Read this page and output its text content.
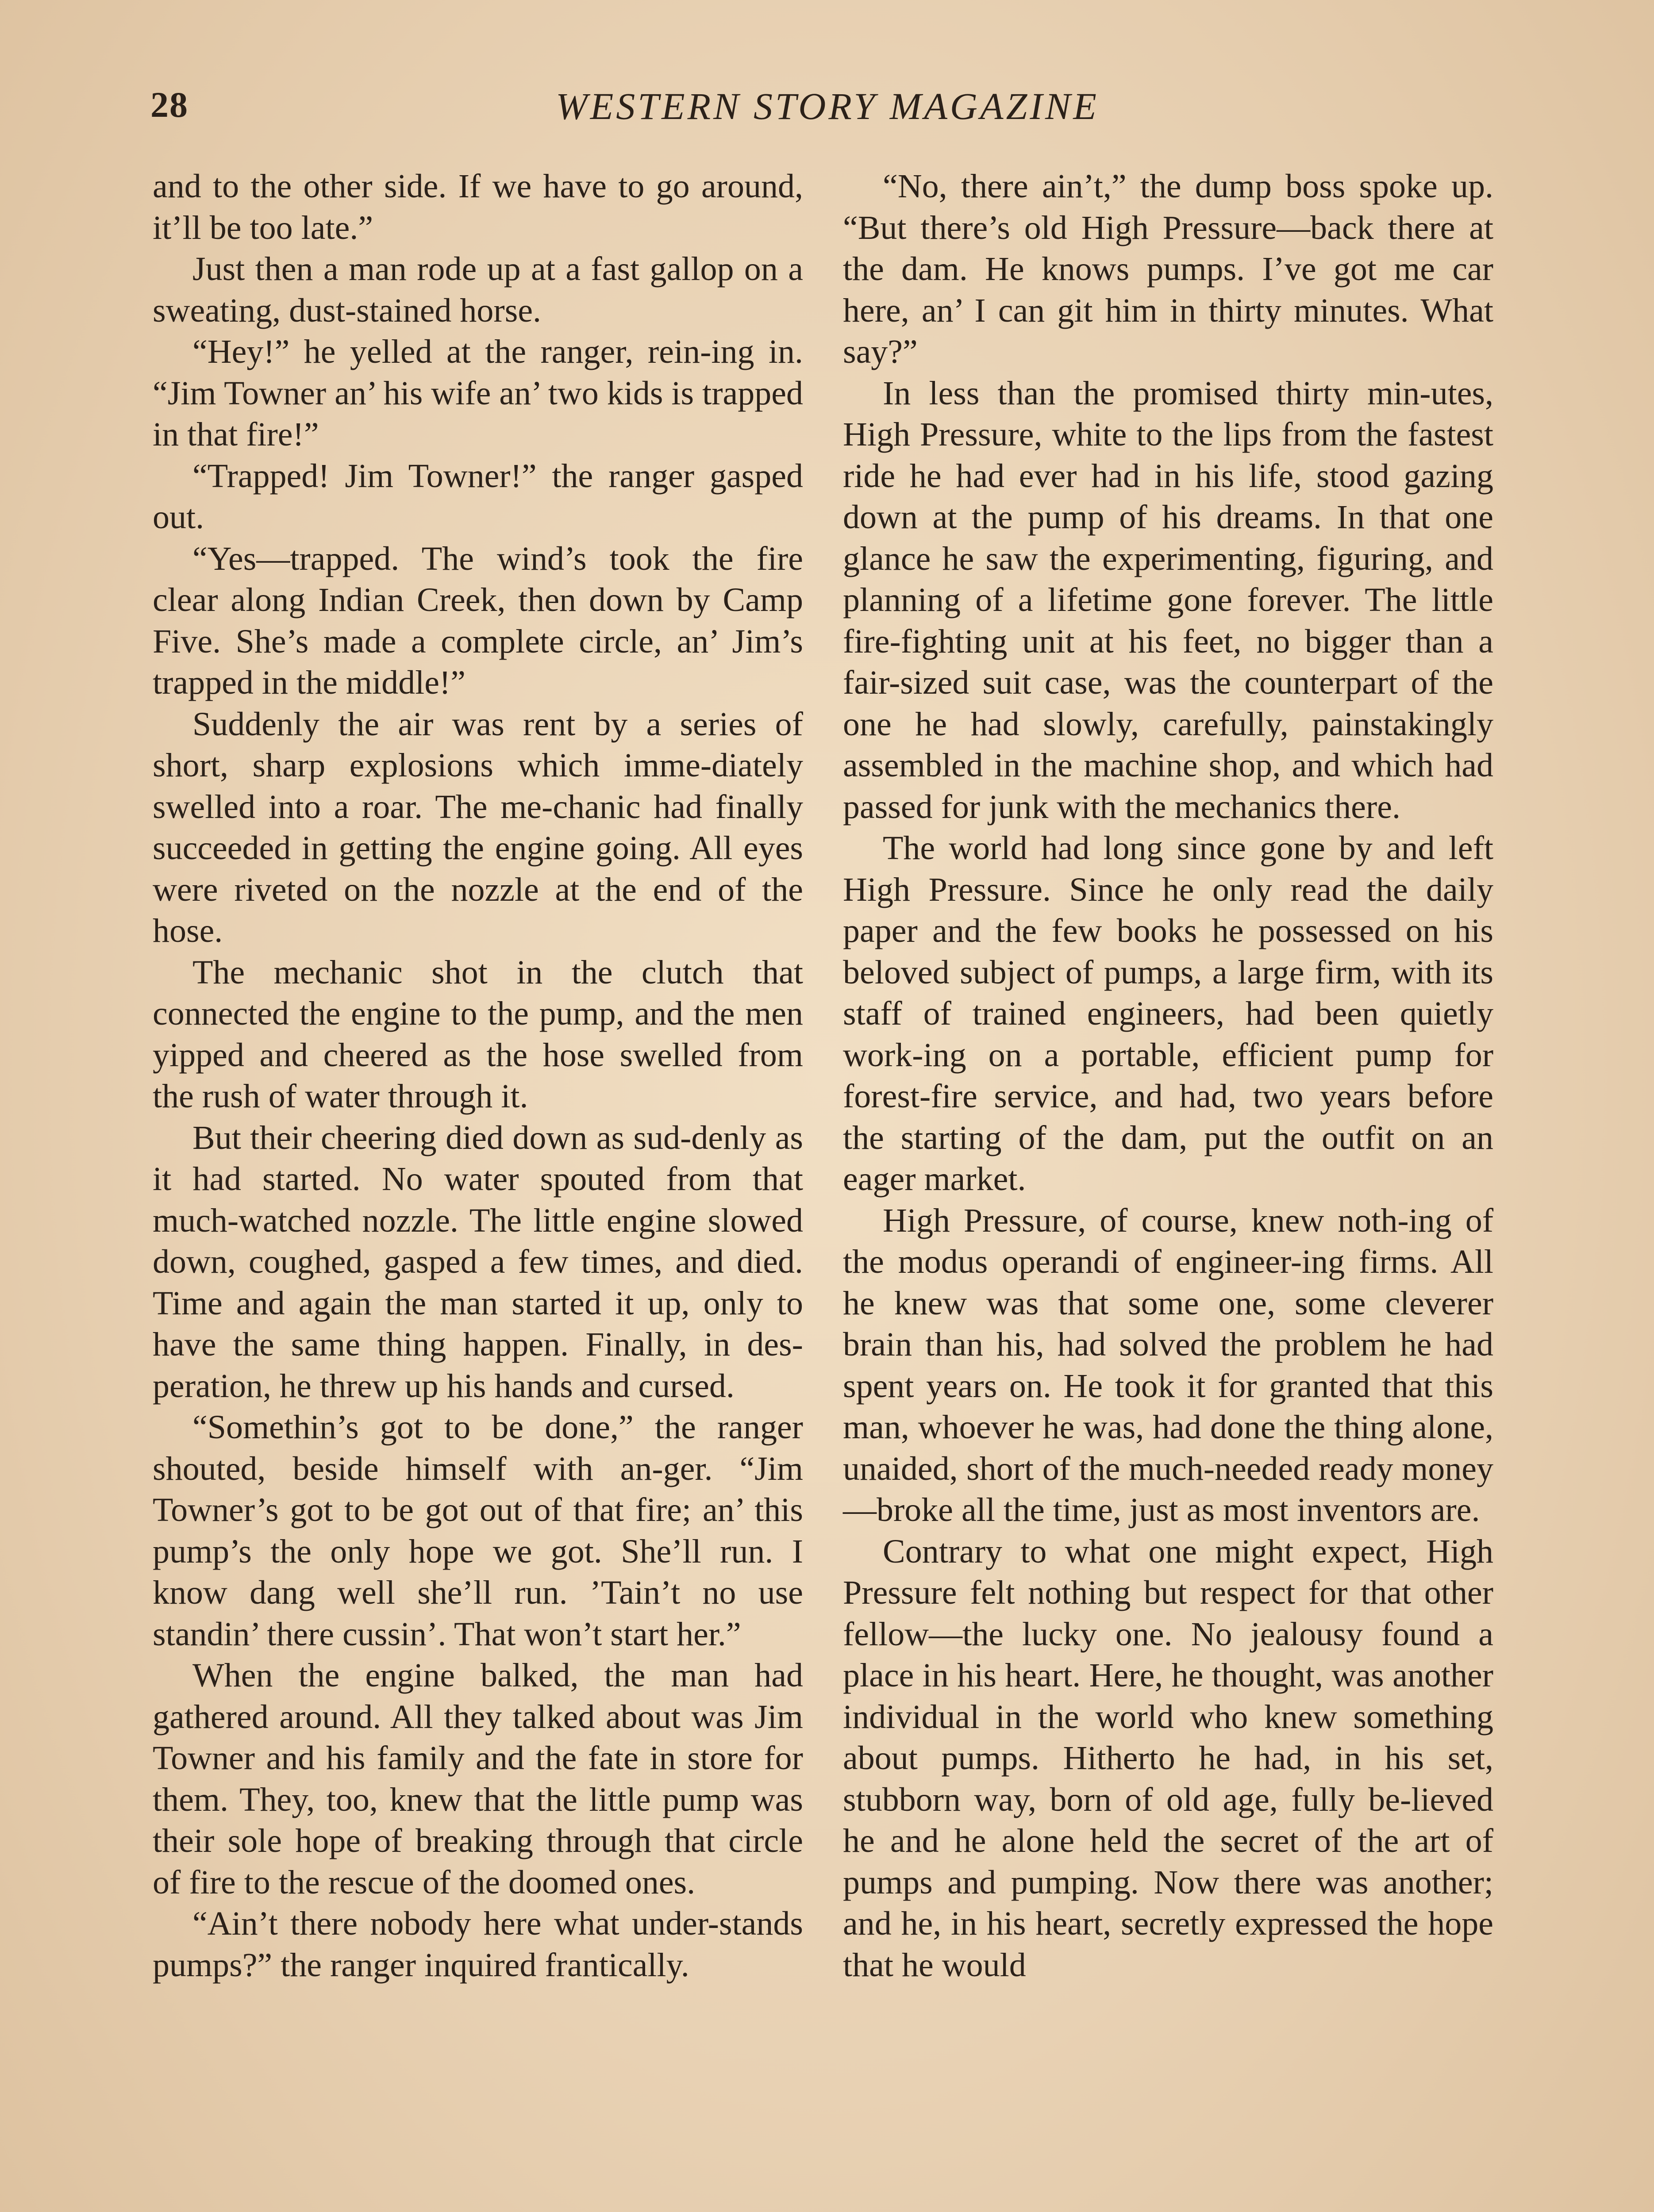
28	WESTERN STORY MAGAZINE

and to the other side. If we have to go around, it’ll be too late.”

Just then a man rode up at a fast gallop on a sweating, dust-stained horse.

“Hey!” he yelled at the ranger, rein-ing in. “Jim Towner an’ his wife an’ two kids is trapped in that fire!”

“Trapped! Jim Towner!” the ranger gasped out.

“Yes—trapped. The wind’s took the fire clear along Indian Creek, then down by Camp Five. She’s made a complete circle, an’ Jim’s trapped in the middle!”

Suddenly the air was rent by a series of short, sharp explosions which imme-diately swelled into a roar. The me-chanic had finally succeeded in getting the engine going. All eyes were riveted on the nozzle at the end of the hose.

The mechanic shot in the clutch that connected the engine to the pump, and the men yipped and cheered as the hose swelled from the rush of water through it.

But their cheering died down as sud-denly as it had started. No water spouted from that much-watched nozzle. The little engine slowed down, coughed, gasped a few times, and died. Time and again the man started it up, only to have the same thing happen. Finally, in des-peration, he threw up his hands and cursed.

“Somethin’s got to be done,” the ranger shouted, beside himself with an-ger. “Jim Towner’s got to be got out of that fire; an’ this pump’s the only hope we got. She’ll run. I know dang well she’ll run. ’Tain’t no use standin’ there cussin’. That won’t start her.”

When the engine balked, the man had gathered around. All they talked about was Jim Towner and his family and the fate in store for them. They, too, knew that the little pump was their sole hope of breaking through that circle of fire to the rescue of the doomed ones.

“Ain’t there nobody here what under-stands pumps?” the ranger inquired frantically.

“No, there ain’t,” the dump boss spoke up. “But there’s old High Pressure—back there at the dam. He knows pumps. I’ve got me car here, an’ I can git him in thirty minutes. What say?”

In less than the promised thirty min-utes, High Pressure, white to the lips from the fastest ride he had ever had in his life, stood gazing down at the pump of his dreams. In that one glance he saw the experimenting, figuring, and planning of a lifetime gone forever. The little fire-fighting unit at his feet, no bigger than a fair-sized suit case, was the counterpart of the one he had slowly, carefully, painstakingly assembled in the machine shop, and which had passed for junk with the mechanics there.

The world had long since gone by and left High Pressure. Since he only read the daily paper and the few books he possessed on his beloved subject of pumps, a large firm, with its staff of trained engineers, had been quietly work-ing on a portable, efficient pump for forest-fire service, and had, two years before the starting of the dam, put the outfit on an eager market.

High Pressure, of course, knew noth-ing of the modus operandi of engineer-ing firms. All he knew was that some one, some cleverer brain than his, had solved the problem he had spent years on. He took it for granted that this man, whoever he was, had done the thing alone, unaided, short of the much-needed ready money—broke all the time, just as most inventors are.

Contrary to what one might expect, High Pressure felt nothing but respect for that other fellow—the lucky one. No jealousy found a place in his heart. Here, he thought, was another individual in the world who knew something about pumps. Hitherto he had, in his set, stubborn way, born of old age, fully be-lieved he and he alone held the secret of the art of pumps and pumping. Now there was another; and he, in his heart, secretly expressed the hope that he would
